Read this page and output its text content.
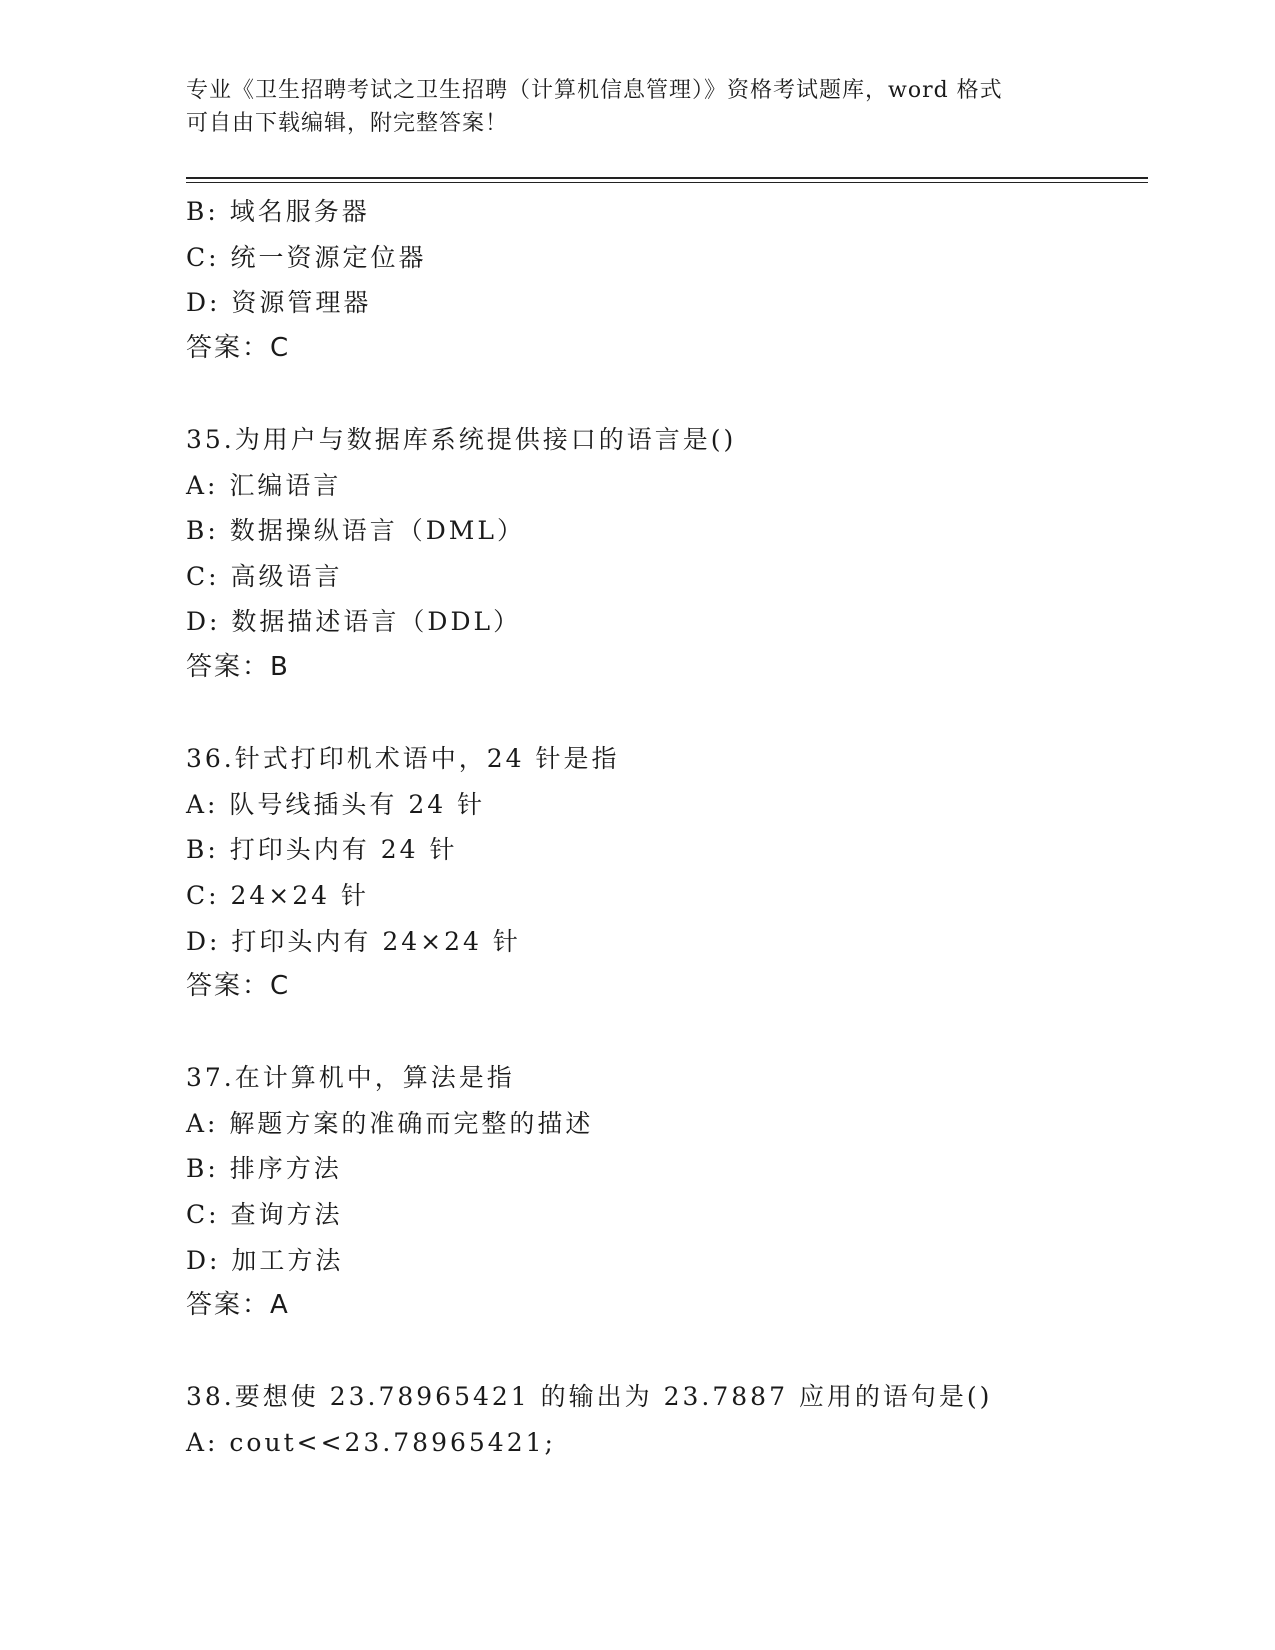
专业《卫生招聘考试之卫生招聘（计算机信息管理）》资格考试题库，word 格式
可自由下载编辑，附完整答案！
B: 域名服务器
C: 统一资源定位器
D: 资源管理器
答案：C
35.为用户与数据库系统提供接口的语言是()
A: 汇编语言
B: 数据操纵语言（DML）
C: 高级语言
D: 数据描述语言（DDL）
答案：B
36.针式打印机术语中，24 针是指
A: 队号线插头有 24 针
B: 打印头内有 24 针
C: 24×24 针
D: 打印头内有 24×24 针
答案：C
37.在计算机中，算法是指
A: 解题方案的准确而完整的描述
B: 排序方法
C: 查询方法
D: 加工方法
答案：A
38.要想使 23.78965421 的输出为 23.7887 应用的语句是()
A: cout<<23.78965421;
